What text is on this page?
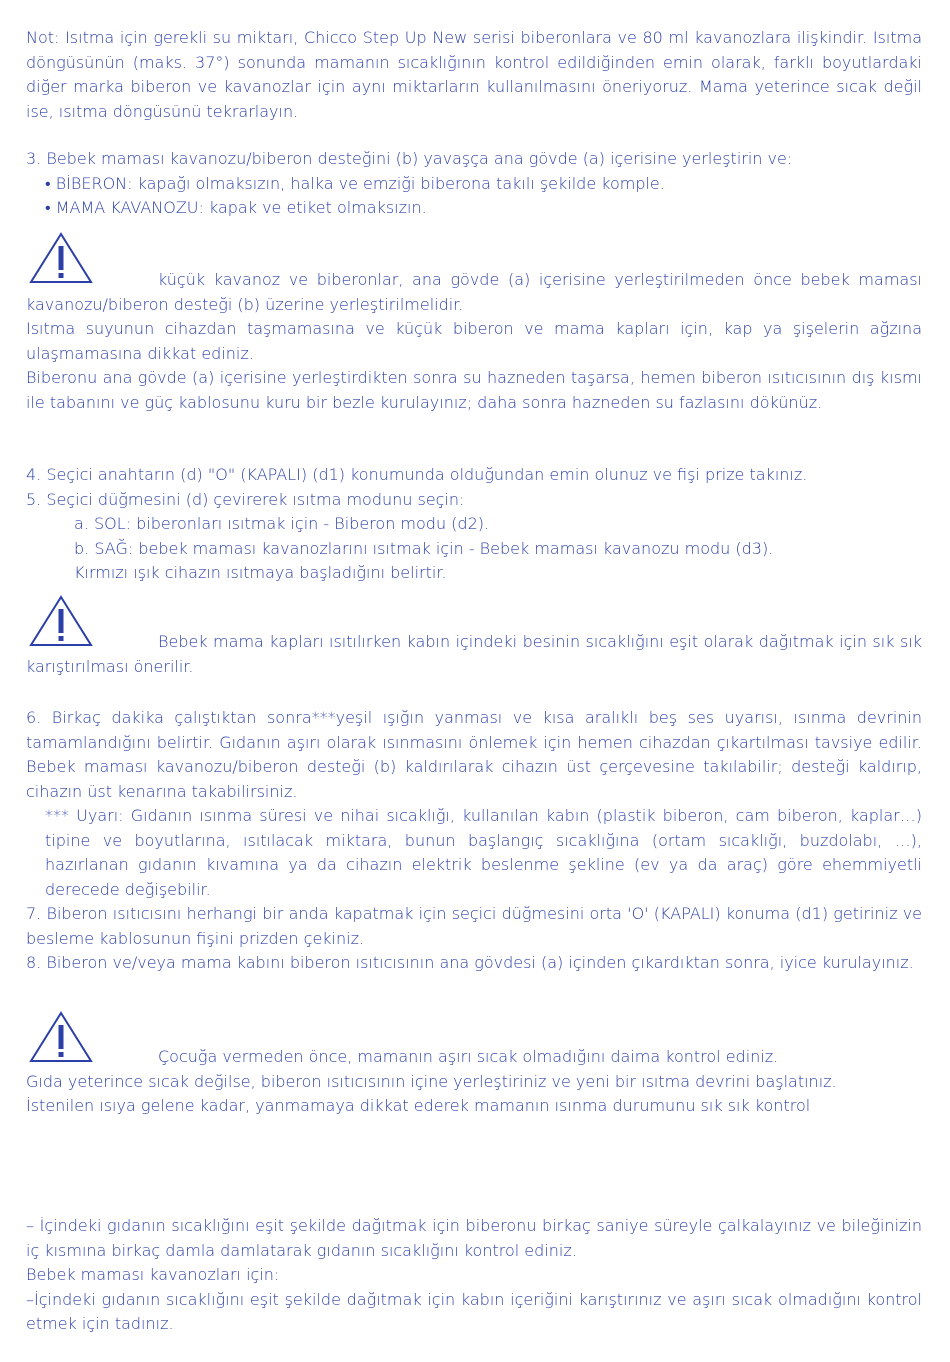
Not: Isıtma için gerekli su miktarı, Chicco Step Up New serisi biberonlara ve 80 ml kavanozlara ilişkindir. Isıtma döngüsünün (maks. 37°) sonunda mamanın sıcaklığının kontrol edildiğinden emin olarak, farklı boyutlardaki diğer marka biberon ve kavanozlar için aynı miktarların kullanılmasını öneriyoruz. Mama yeterince sıcak değil ise, ısıtma döngüsünü tekrarlayın.

3. Bebek maması kavanozu/biberon desteğini (b) yavaşça ana gövde (a) içerisine yerleştirin ve:

• BİBERON: kapağı olmaksızın, halka ve emziği biberona takılı şekilde komple.

• MAMA KAVANOZU: kapak ve etiket olmaksızın.

küçük kavanoz ve biberonlar, ana gövde (a) içerisine yerleştirilmeden önce bebek maması kavanozu/biberon desteği (b) üzerine yerleştirilmelidir.

Isıtma suyunun cihazdan taşmamasına ve küçük biberon ve mama kapları için, kap ya şişelerin ağzına ulaşmamasına dikkat ediniz.

Biberonu ana gövde (a) içerisine yerleştirdikten sonra su hazneden taşarsa, hemen biberon ısıtıcısının dış kısmı ile tabanını ve güç kablosunu kuru bir bezle kurulayınız; daha sonra hazneden su fazlasını dökünüz.

4. Seçici anahtarın (d) "O" (KAPALI) (d1) konumunda olduğundan emin olunuz ve fişi prize takınız.

5. Seçici düğmesini (d) çevirerek ısıtma modunu seçin:

a. SOL: biberonları ısıtmak için - Biberon modu (d2).

b. SAĞ: bebek maması kavanozlarını ısıtmak için - Bebek maması kavanozu modu (d3).

Kırmızı ışık cihazın ısıtmaya başladığını belirtir.

Bebek mama kapları ısıtılırken kabın içindeki besinin sıcaklığını eşit olarak dağıtmak için sık sık karıştırılması önerilir.

6. Birkaç dakika çalıştıktan sonra***yeşil ışığın yanması ve kısa aralıklı beş ses uyarısı, ısınma devrinin tamamlandığını belirtir. Gıdanın aşırı olarak ısınmasını önlemek için hemen cihazdan çıkartılması tavsiye edilir. Bebek maması kavanozu/biberon desteği (b) kaldırılarak cihazın üst çerçevesine takılabilir; desteği kaldırıp, cihazın üst kenarına takabilirsiniz.

*** Uyarı: Gıdanın ısınma süresi ve nihai sıcaklığı, kullanılan kabın (plastik biberon, cam biberon, kaplar…) tipine ve boyutlarına, ısıtılacak miktara, bunun başlangıç sıcaklığına (ortam sıcaklığı, buzdolabı, …), hazırlanan gıdanın kıvamına ya da cihazın elektrik beslenme şekline (ev ya da araç) göre ehemmiyetli derecede değişebilir.

7. Biberon ısıtıcısını herhangi bir anda kapatmak için seçici düğmesini orta 'O' (KAPALI) konuma (d1) getiriniz ve besleme kablosunun fişini prizden çekiniz.

8. Biberon ve/veya mama kabını biberon ısıtıcısının ana gövdesi (a) içinden çıkardıktan sonra, iyice kurulayınız.

Çocuğa vermeden önce, mamanın aşırı sıcak olmadığını daima kontrol ediniz.

Gıda yeterince sıcak değilse, biberon ısıtıcısının içine yerleştiriniz ve yeni bir ısıtma devrini başlatınız.

İstenilen ısıya gelene kadar, yanmamaya dikkat ederek mamanın ısınma durumunu sık sık kontrol

– İçindeki gıdanın sıcaklığını eşit şekilde dağıtmak için biberonu birkaç saniye süreyle çalkalayınız ve bileğinizin iç kısmına birkaç damla damlatarak gıdanın sıcaklığını kontrol ediniz.

Bebek maması kavanozları için:

–İçindeki gıdanın sıcaklığını eşit şekilde dağıtmak için kabın içeriğini karıştırınız ve aşırı sıcak olmadığını kontrol etmek için tadınız.
